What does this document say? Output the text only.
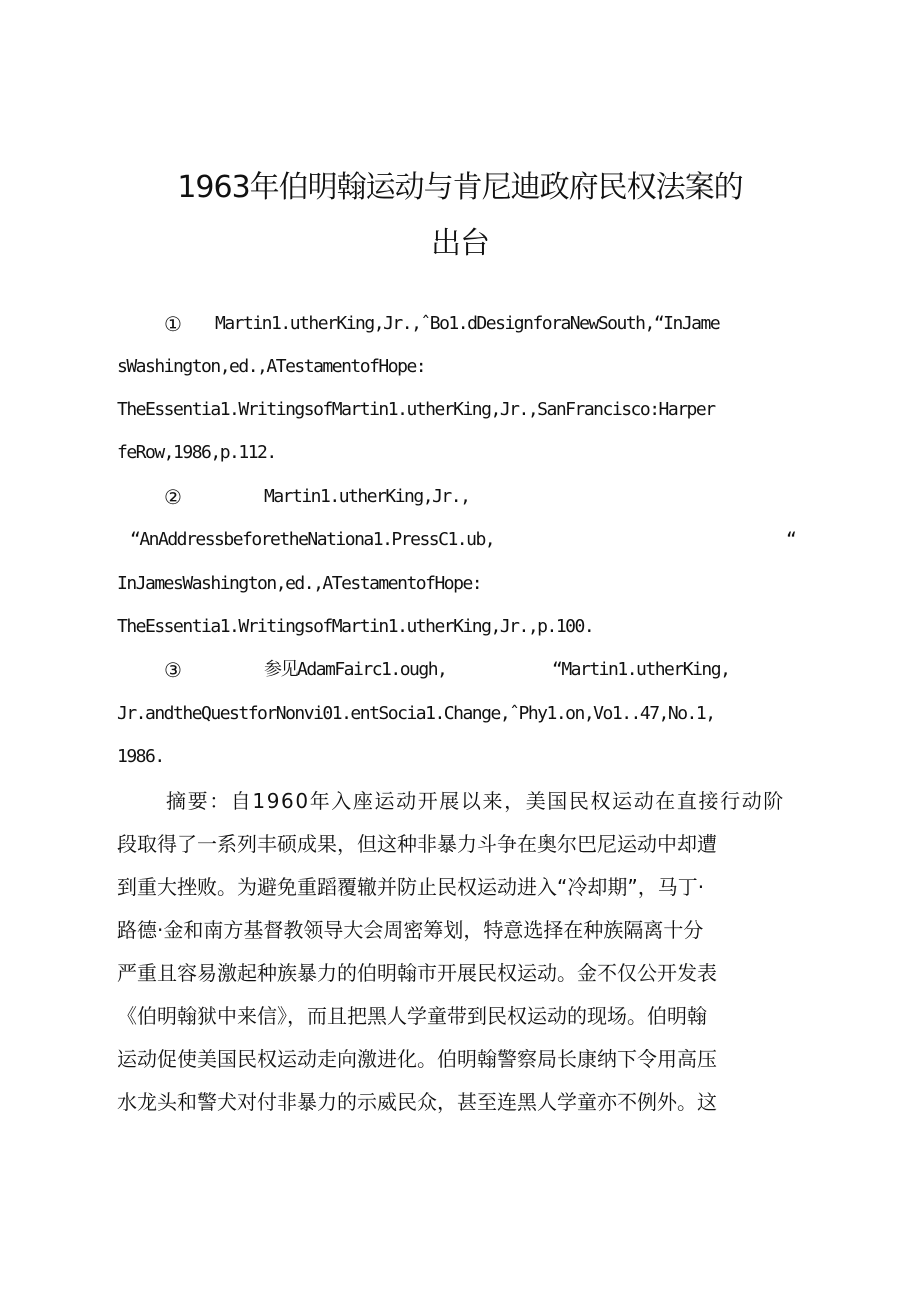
1963年伯明翰运动与肯尼迪政府民权法案的
出台
① Martin1.utherKing,Jr.,ˆBo1.dDesignforaNewSouth,“InJame
sWashington,ed.,ATestamentofHope:
TheEssentia1.WritingsofMartin1.utherKing,Jr.,SanFrancisco:Harper
feRow,1986,p.112.
②	Martin1.utherKing,Jr.,
“AnAddressbeforetheNationa1.PressC1.ub,	“
InJamesWashington,ed.,ATestamentofHope:
TheEssentia1.WritingsofMartin1.utherKing,Jr.,p.100.
③	参见AdamFairc1.ough,	“Martin1.utherKing,
Jr.andtheQuestforNonvi01.entSocia1.Change,ˆPhy1.on,Vo1..47,No.1,
1986.
摘要：自1960年入座运动开展以来，美国民权运动在直接行动阶
段取得了一系列丰硕成果，但这种非暴力斗争在奥尔巴尼运动中却遭
到重大挫败。为避免重蹈覆辙并防止民权运动进入“冷却期”，马丁·
路德·金和南方基督教领导大会周密筹划，特意选择在种族隔离十分
严重且容易激起种族暴力的伯明翰市开展民权运动。金不仅公开发表
《伯明翰狱中来信》，而且把黑人学童带到民权运动的现场。伯明翰
运动促使美国民权运动走向激进化。伯明翰警察局长康纳下令用高压
水龙头和警犬对付非暴力的示威民众，甚至连黑人学童亦不例外。这
